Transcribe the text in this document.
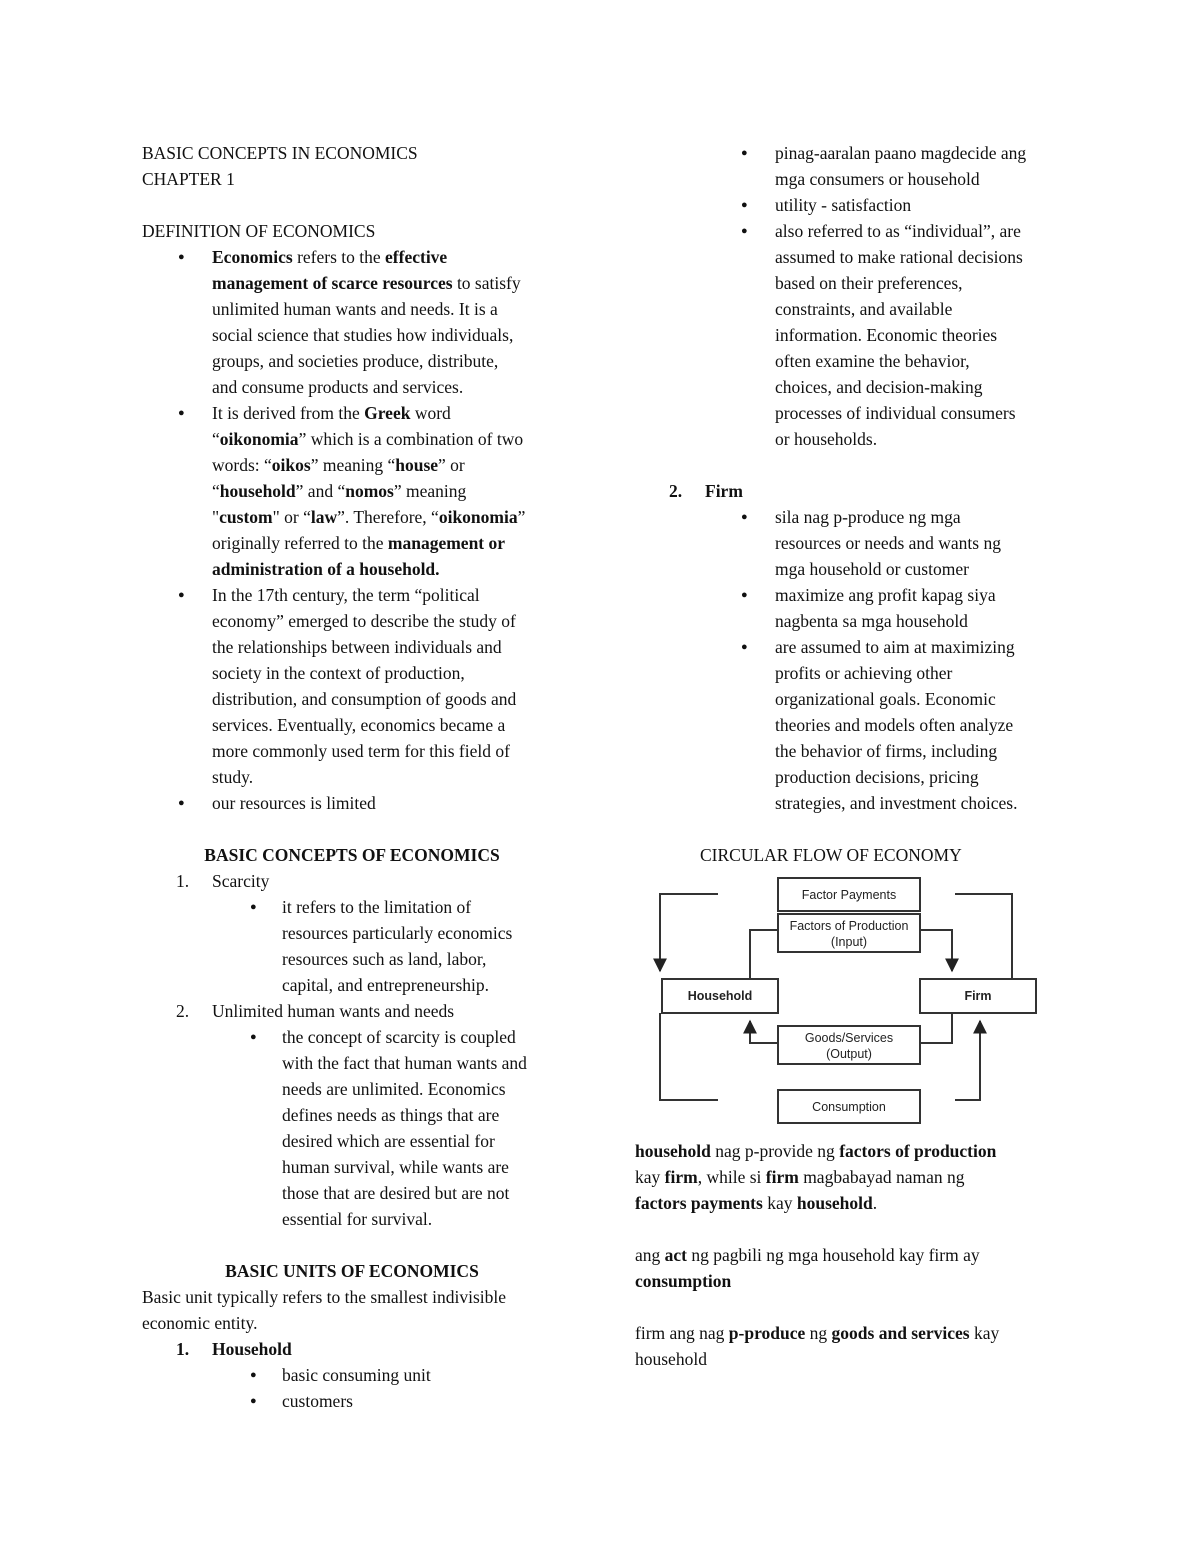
BASIC CONCEPTS IN ECONOMICS
CHAPTER 1
DEFINITION OF ECONOMICS
● Economics refers to the effective
management of scarce resources to satisfy
unlimited human wants and needs. It is a
social science that studies how individuals,
groups, and societies produce, distribute,
and consume products and services.
● It is derived from the Greek word
“oikonomia” which is a combination of two
words: “oikos” meaning “house” or
“household” and “nomos” meaning
"custom" or “law”. Therefore, “oikonomia”
originally referred to the management or
administration of a household.
● In the 17th century, the term “political
economy” emerged to describe the study of
the relationships between individuals and
society in the context of production,
distribution, and consumption of goods and
services. Eventually, economics became a
more commonly used term for this field of
study.
● our resources is limited
BASIC CONCEPTS OF ECONOMICS
1. Scarcity
● it refers to the limitation of
resources particularly economics
resources such as land, labor,
capital, and entrepreneurship.
2. Unlimited human wants and needs
● the concept of scarcity is coupled
with the fact that human wants and
needs are unlimited. Economics
defines needs as things that are
desired which are essential for
human survival, while wants are
those that are desired but are not
essential for survival.
BASIC UNITS OF ECONOMICS
Basic unit typically refers to the smallest indivisible
economic entity.
1. Household
● basic consuming unit
● customers
● pinag-aaralan paano magdecide ang
mga consumers or household
● utility - satisfaction
● also referred to as “individual”, are
assumed to make rational decisions
based on their preferences,
constraints, and available
information. Economic theories
often examine the behavior,
choices, and decision-making
processes of individual consumers
or households.
2. Firm
● sila nag p-produce ng mga
resources or needs and wants ng
mga household or customer
● maximize ang profit kapag siya
nagbenta sa mga household
● are assumed to aim at maximizing
profits or achieving other
organizational goals. Economic
theories and models often analyze
the behavior of firms, including
production decisions, pricing
strategies, and investment choices.
CIRCULAR FLOW OF ECONOMY
Factor Payments
Factors of Production
(Input)
Household	Firm
Goods/Services
(Output)
Consumption
household nag p-provide ng factors of production
kay firm, while si firm magbabayad naman ng
factors payments kay household.
ang act ng pagbili ng mga household kay firm ay
consumption
firm ang nag p-produce ng goods and services kay
household
